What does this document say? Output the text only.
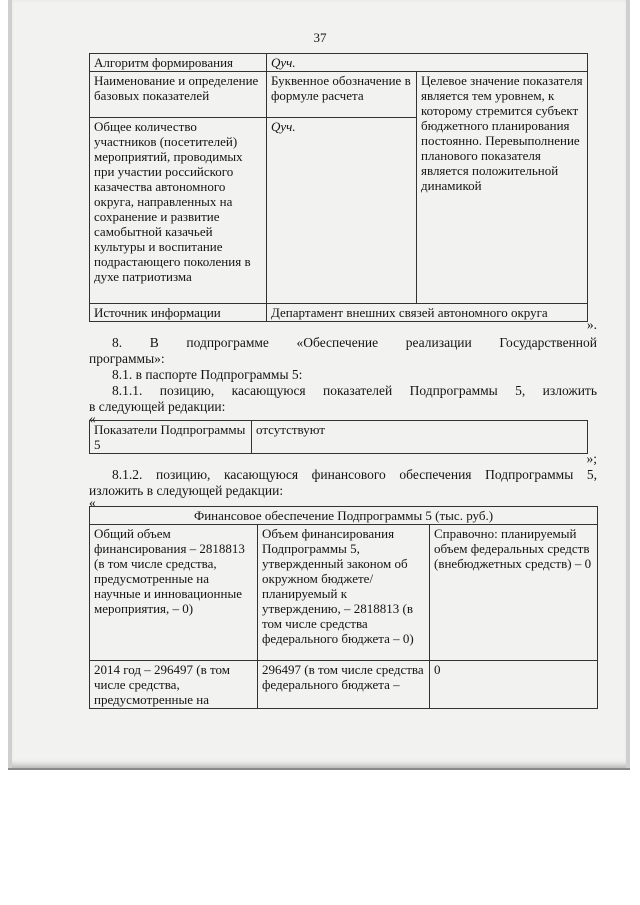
37
Алгоритм формирования	Qуч.	
Наименование и определение базовых показателей	Буквенное обозначение в формуле расчета	Целевое значение показателя является тем уровнем, к которому стремится субъект бюджетного планирования постоянно. Перевыполнение планового показателя является положительной динамикой
Общее количество участников (посетителей) мероприятий, проводимых при участии российского казачества автономного округа, направленных на сохранение и развитие самобытной казачьей культуры и воспитание подрастающего поколения в духе патриотизма	Qуч.	
Источник информации	Департамент внешних связей автономного округа	
».
8. В подпрограмме «Обеспечение реализации Государственной
программы»:
8.1. в паспорте Подпрограммы 5:
8.1.1. позицию, касающуюся показателей Подпрограммы 5, изложить
в следующей редакции:
«
Показатели Подпрограммы 5	отсутствуют
»;
8.1.2. позицию, касающуюся финансового обеспечения Подпрограммы 5,
изложить в следующей редакции:
«
Финансовое обеспечение Подпрограммы 5 (тыс. руб.)		
Общий объем финансирования – 2818813 (в том числе средства, предусмотренные на научные и инновационные мероприятия, – 0)	Объем финансирования Подпрограммы 5, утвержденный законом об окружном бюджете/планируемый к утверждению, – 2818813 (в том числе средства федерального бюджета – 0)	Справочно: планируемый объем федеральных средств (внебюджетных средств) – 0
2014 год – 296497 (в том числе средства, предусмотренные на	296497 (в том числе средства федерального бюджета –	0
